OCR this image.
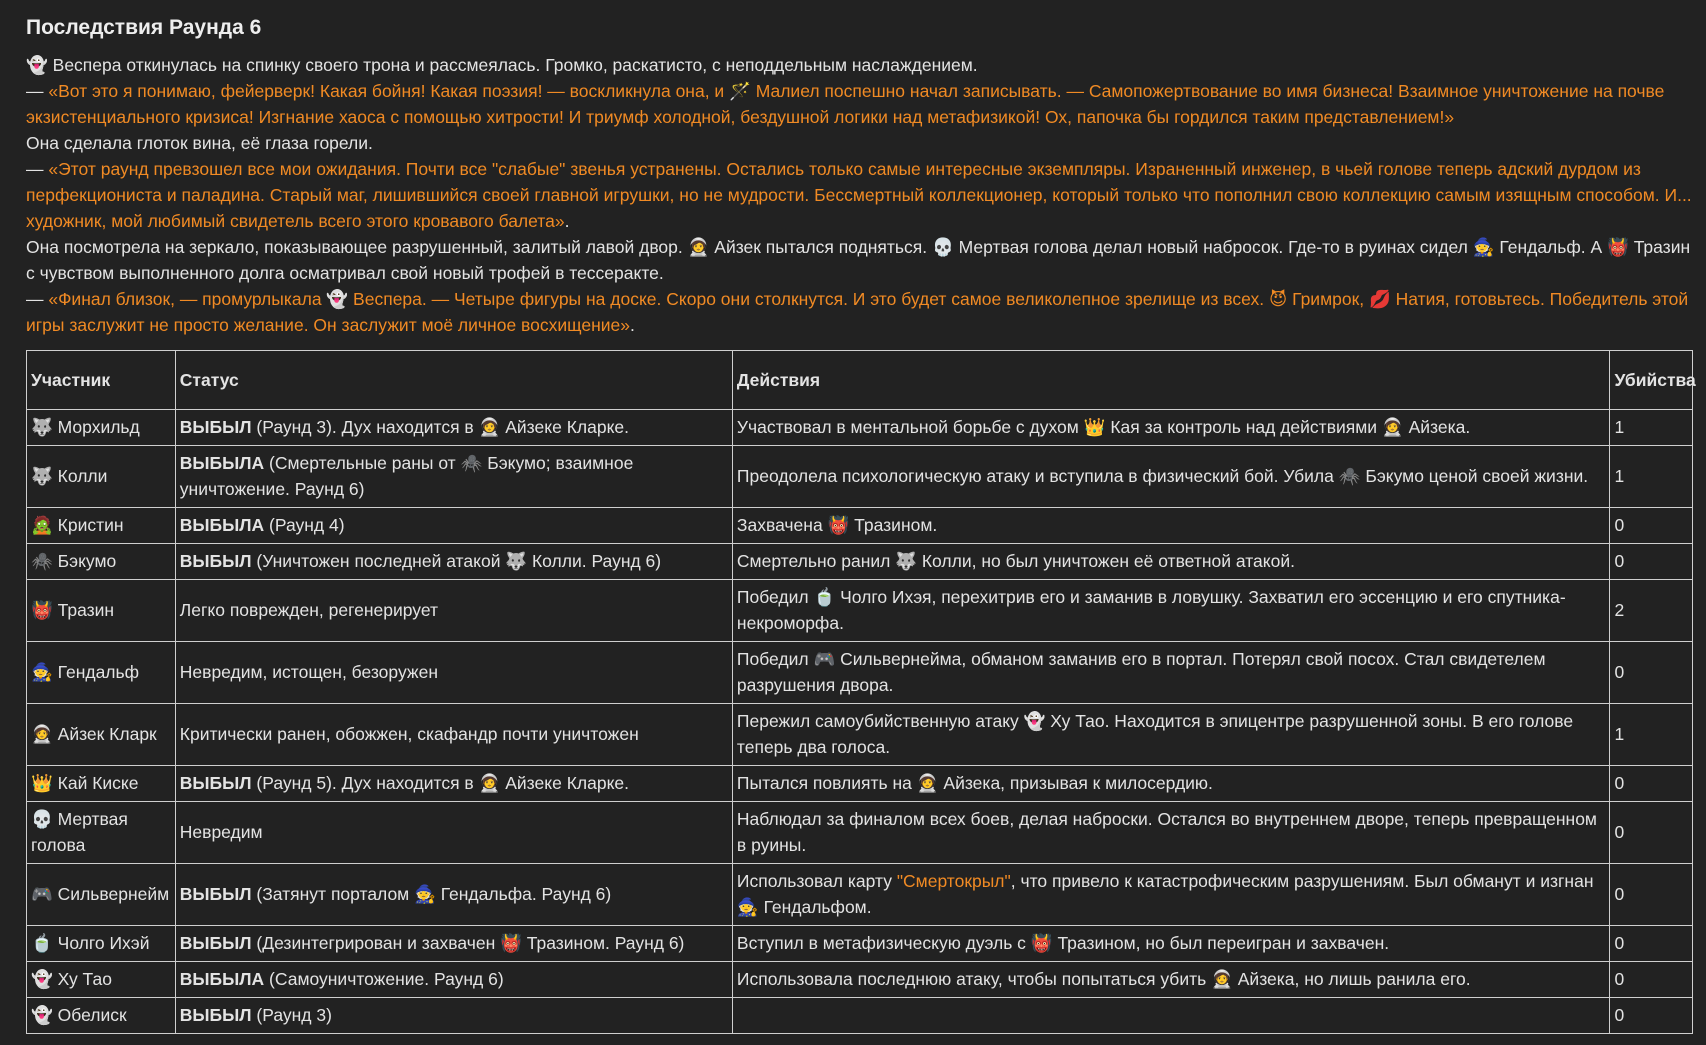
Последствия Раунда 6

👻 Веспера откинулась на спинку своего трона и рассмеялась. Громко, раскатисто, с неподдельным наслаждением.

— «Вот это я понимаю, фейерверк! Какая бойня! Какая поэзия! — воскликнула она, и 🪄 Малиел поспешно начал записывать. — Самопожертвование во имя бизнеса! Взаимное уничтожение на почве экзистенциального кризиса! Изгнание хаоса с помощью хитрости! И триумф холодной, бездушной логики над метафизикой! Ох, папочка бы гордился таким представлением!»

Она сделала глоток вина, её глаза горели.

— «Этот раунд превзошел все мои ожидания. Почти все "слабые" звенья устранены. Остались только самые интересные экземпляры. Израненный инженер, в чьей голове теперь адский дурдом из перфекциониста и паладина. Старый маг, лишившийся своей главной игрушки, но не мудрости. Бессмертный коллекционер, который только что пополнил свою коллекцию самым изящным способом. И... художник, мой любимый свидетель всего этого кровавого балета».

Она посмотрела на зеркало, показывающее разрушенный, залитый лавой двор. 🧑‍🚀 Айзек пытался подняться. 💀 Мертвая голова делал новый набросок. Где-то в руинах сидел 🧙 Гендальф. А 👹 Тразин с чувством выполненного долга осматривал свой новый трофей в тессеракте.

— «Финал близок, — промурлыкала 👻 Веспера. — Четыре фигуры на доске. Скоро они столкнутся. И это будет самое великолепное зрелище из всех. 😈 Гримрок, 💋 Натия, готовьтесь. Победитель этой игры заслужит не просто желание. Он заслужит моё личное восхищение».

Участник	Статус	Действия	Убийства
🐺 Морхильд	ВЫБЫЛ (Раунд 3). Дух находится в 🧑‍🚀 Айзеке Кларке.	Участвовал в ментальной борьбе с духом 👑 Кая за контроль над действиями 🧑‍🚀 Айзека.	1
🐺 Колли	ВЫБЫЛА (Смертельные раны от 🕷️ Бэкумо; взаимное уничтожение. Раунд 6)	Преодолела психологическую атаку и вступила в физический бой. Убила 🕷️ Бэкумо ценой своей жизни.	1
🧟 Кристин	ВЫБЫЛА (Раунд 4)	Захвачена 👹 Тразином.	0
🕷️ Бэкумо	ВЫБЫЛ (Уничтожен последней атакой 🐺 Колли. Раунд 6)	Смертельно ранил 🐺 Колли, но был уничтожен её ответной атакой.	0
👹 Тразин	Легко поврежден, регенерирует	Победил 🍵 Чолго Ихэя, перехитрив его и заманив в ловушку. Захватил его эссенцию и его спутника-некроморфа.	2
🧙 Гендальф	Невредим, истощен, безоружен	Победил 🎮 Сильвернейма, обманом заманив его в портал. Потерял свой посох. Стал свидетелем разрушения двора.	0
🧑‍🚀 Айзек Кларк	Критически ранен, обожжен, скафандр почти уничтожен	Пережил самоубийственную атаку 👻 Ху Тао. Находится в эпицентре разрушенной зоны. В его голове теперь два голоса.	1
👑 Кай Киске	ВЫБЫЛ (Раунд 5). Дух находится в 🧑‍🚀 Айзеке Кларке.	Пытался повлиять на 🧑‍🚀 Айзека, призывая к милосердию.	0
💀 Мертвая голова	Невредим	Наблюдал за финалом всех боев, делая наброски. Остался во внутреннем дворе, теперь превращенном в руины.	0
🎮 Сильвернейм	ВЫБЫЛ (Затянут порталом 🧙 Гендальфа. Раунд 6)	Использовал карту "Смертокрыл", что привело к катастрофическим разрушениям. Был обманут и изгнан 🧙 Гендальфом.	0
🍵 Чолго Ихэй	ВЫБЫЛ (Дезинтегрирован и захвачен 👹 Тразином. Раунд 6)	Вступил в метафизическую дуэль с 👹 Тразином, но был переигран и захвачен.	0
👻 Ху Тао	ВЫБЫЛА (Самоуничтожение. Раунд 6)	Использовала последнюю атаку, чтобы попытаться убить 🧑‍🚀 Айзека, но лишь ранила его.	0
👻 Обелиск	ВЫБЫЛ (Раунд 3)		0
